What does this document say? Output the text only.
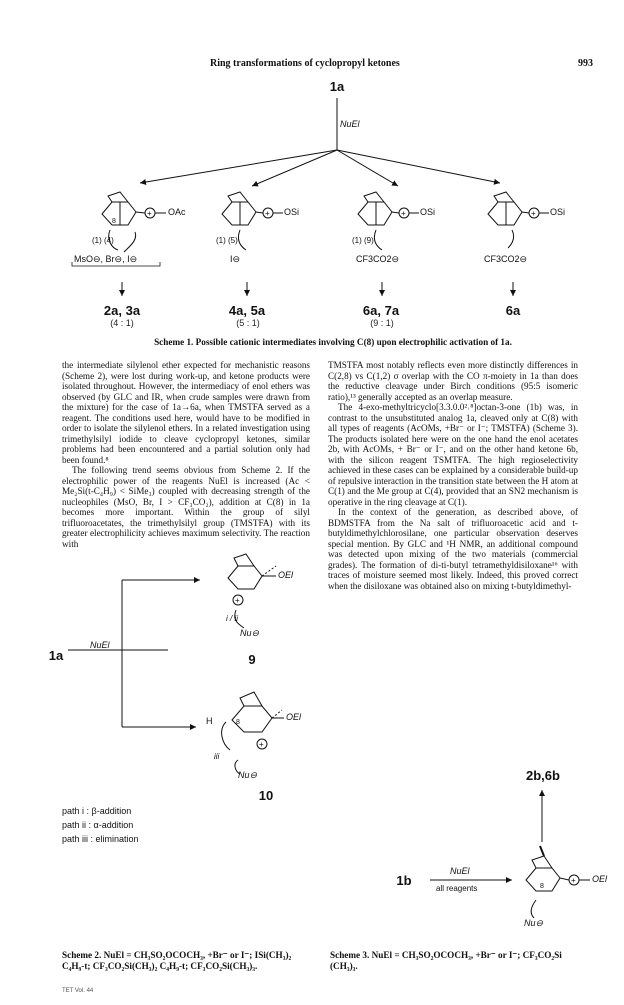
Ring transformations of cyclopropyl ketones	993
1a
+
8
+	+	+
+
+
8
+
8
NuEl
OAc	OSi	OSi	OSi
(1) (4)	(1) (5)	(1) (9)
MsO⊖, Br⊖, I⊖	I⊖	CF3CO2⊖	CF3CO2⊖
2a, 3a	4a, 5a	6a, 7a	6a
(4 : 1)	(5 : 1)	(9 : 1)
Scheme 1. Possible cationic intermediates involving C(8) upon electrophilic activation of 1a.

the intermediate silylenol ether expected for mechanistic reasons (Scheme 2), were lost during work-up, and ketone products were isolated throughout. However, the intermediacy of enol ethers was observed (by GLC and IR, when crude samples were drawn from the mixture) for the case of 1a→6a, when TMSTFA served as a reagent. The conditions used here, would have to be modified in order to isolate the silylenol ethers. In a related investigation using trimethylsilyl iodide to cleave cyclopropyl ketones, similar problems had been encountered and a partial solution only had been found.⁸

The following trend seems obvious from Scheme 2. If the electrophilic power of the reagents NuEl is increased (Ac < Me₂Si(t-C₄H₉) < SiMe₃) coupled with decreasing strength of the nucleophiles (MsO, Br, I > CF₃CO₂), addition at C(8) in 1a becomes more important. Within the group of silyl trifluoroacetates, the trimethylsilyl group (TMSTFA) with its greater electrophilicity achieves maximum selectivity. The reaction with

TMSTFA most notably reflects even more distinctly differences in C(2,8) vs C(1,2) σ overlap with the CO π-moiety in 1a than does the reductive cleavage under Birch conditions (95:5 isomeric ratio),¹³ generally accepted as an overlap measure.

The 4-exo-methyltricyclo[3.3.0.0²˒⁸]octan-3-one (1b) was, in contrast to the unsubstituted analog 1a, cleaved only at C(8) with all types of reagents (AcOMs, +Br⁻ or I⁻; TMSTFA) (Scheme 3). The products isolated here were on the one hand the enol acetates 2b, with AcOMs, + Br⁻ or I⁻, and on the other hand ketone 6b, with the silicon reagent TSMTFA. The high regioselectivity achieved in these cases can be explained by a considerable build-up of repulsive interaction in the transition state between the H atom at C(1) and the Me group at C(4), provided that an SN2 mechanism is operative in the ring cleavage at C(1).

In the context of the generation, as described above, of BDMSTFA from the Na salt of trifluoroacetic acid and t-butyldimethylchlorosilane, one particular observation deserves special mention. By GLC and ¹H NMR, an additional compound was detected upon mixing of the two materials (commercial grades). The formation of di-ti-butyl tetramethyldisiloxane¹⁶ with traces of moisture seemed most likely. Indeed, this proved correct when the disiloxane was obtained also on mixing t-butyldimethyl-

1a
NuEl
OEl
i / ii
Nu⊖
9
H	OEl
iii
Nu⊖
10
path i : β-addition
path ii : α-addition
path iii : elimination
Scheme 2. NuEl = CH₃SO₂OCOCH₃, +Br⁻ or I⁻; ISi(CH₃)₂ C₄H₉-t; CF₃CO₂Si(CH₃)₂ C₄H₉-t; CF₃CO₂Si(CH₃)₃.
2b,6b
1b
NuEl
all reagents
OEl
Nu⊖
Scheme 3. NuEl = CH₃SO₂OCOCH₃, +Br⁻ or I⁻; CF₃CO₂Si (CH₃)₃.
TET Vol. 44
